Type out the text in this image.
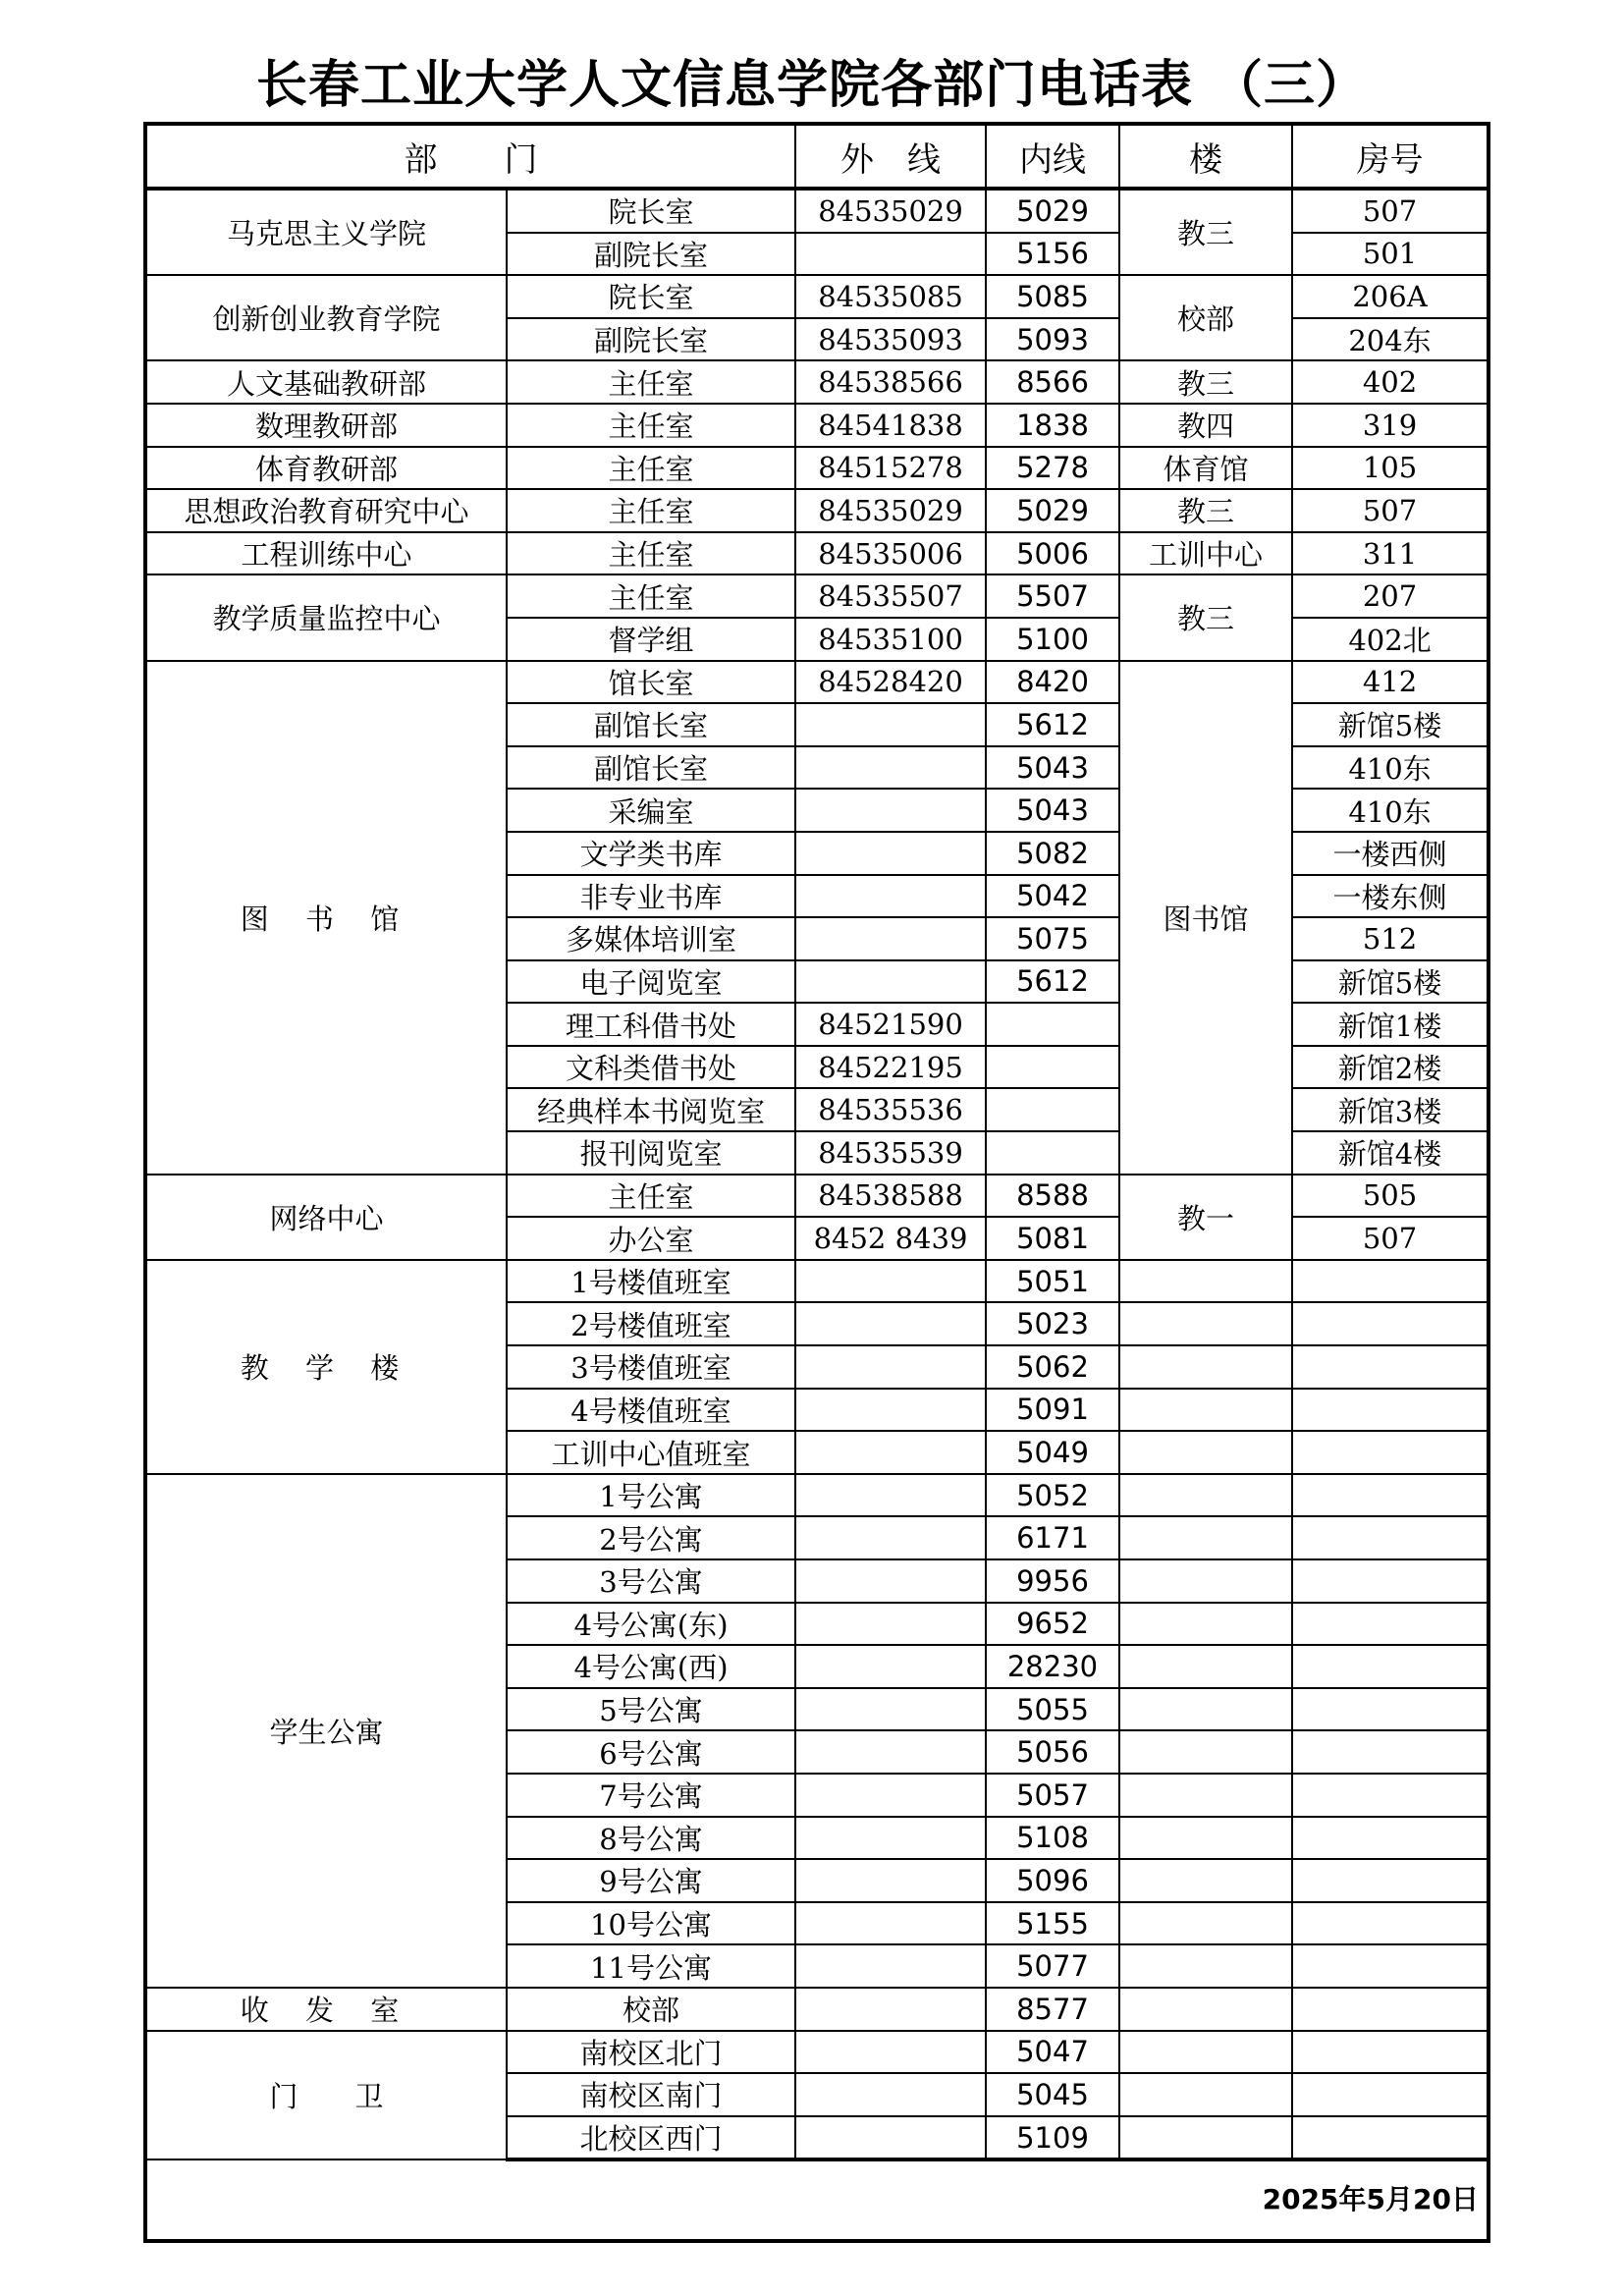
长春工业大学人文信息学院各部门电话表 （三）
部　　门		外　线	内线	楼	房号
马克思主义学院	院长室	84535029	5029	教三	507
	副院长室		5156		501
创新创业教育学院	院长室	84535085	5085	校部	206A
	副院长室	84535093	5093		204东
人文基础教研部	主任室	84538566	8566	教三	402
数理教研部	主任室	84541838	1838	教四	319
体育教研部	主任室	84515278	5278	体育馆	105
思想政治教育研究中心	主任室	84535029	5029	教三	507
工程训练中心	主任室	84535006	5006	工训中心	311
教学质量监控中心	主任室	84535507	5507	教三	207
	督学组	84535100	5100		402北
图 书 馆	馆长室	84528420	8420	图书馆	412
	副馆长室		5612		新馆5楼
	副馆长室		5043		410东
	采编室		5043		410东
	文学类书库		5082		一楼西侧
	非专业书库		5042		一楼东侧
	多媒体培训室		5075		512
	电子阅览室		5612		新馆5楼
	理工科借书处	84521590			新馆1楼
	文科类借书处	84522195			新馆2楼
	经典样本书阅览室	84535536			新馆3楼
	报刊阅览室	84535539			新馆4楼
网络中心	主任室	84538588	8588	教一	505
	办公室	8452 8439	5081		507
教 学 楼	1号楼值班室		5051		
	2号楼值班室		5023		
	3号楼值班室		5062		
	4号楼值班室		5091		
	工训中心值班室		5049		
学生公寓	1号公寓		5052		
	2号公寓		6171		
	3号公寓		9956		
	4号公寓(东)		9652		
	4号公寓(西)		28230		
	5号公寓		5055		
	6号公寓		5056		
	7号公寓		5057		
	8号公寓		5108		
	9号公寓		5096		
	10号公寓		5155		
	11号公寓		5077		
收 发 室	校部		8577		
门　　卫	南校区北门		5047		
	南校区南门		5045		
	北校区西门		5109		
2025年5月20日
